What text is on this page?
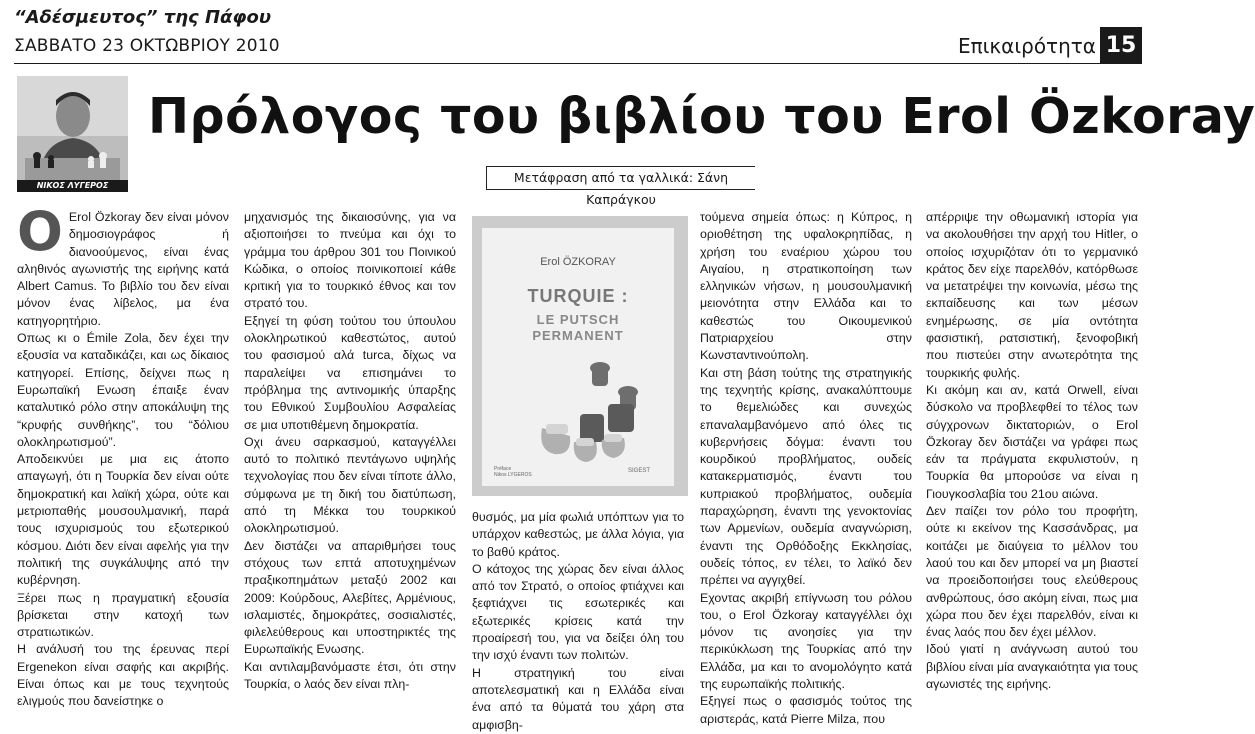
“Αδέσμευτος” της Πάφου
ΣΑΒΒΑΤΟ 23 ΟΚΤΩΒΡΙΟΥ 2010	Επικαιρότητα 15
ΝΙΚΟΣ ΛΥΓΕΡΟΣ
Πρόλογος του βιβλίου του Erol Özkoray
Μετάφραση από τα γαλλικά: Σάνη Καπράγκου
Ο Erol Özkoray δεν είναι μόνον δημοσιογράφος ή διανοούμενος, είναι ένας αληθινός αγωνιστής της ειρήνης κατά Albert Camus. Το βιβλίο του δεν είναι μόνον ένας λίβελος, μα ένα κατηγορητήριο.

Οπως κι ο Émile Zola, δεν έχει την εξουσία να καταδικάζει, και ως δίκαιος κατηγορεί. Επίσης, δείχνει πως η Ευρωπαϊκή Ενωση έπαιξε έναν καταλυτικό ρόλο στην αποκάλυψη της “κρυφής συνθήκης”, του “δόλιου ολοκληρωτισμού”.

Αποδεικνύει με μια εις άτοπο απαγωγή, ότι η Τουρκία δεν είναι ούτε δημοκρατική και λαϊκή χώρα, ούτε και μετριοπαθής μουσουλμανική, παρά τους ισχυρισμούς του εξωτερικού κόσμου. Διότι δεν είναι αφελής για την πολιτική της συγκάλυψης από την κυβέρνηση.

Ξέρει πως η πραγματική εξουσία βρίσκεται στην κατοχή των στρατιωτικών.

Η ανάλυσή του της έρευνας περί Ergenekon είναι σαφής και ακριβής. Είναι όπως και με τους τεχνητούς ελιγμούς που δανείστηκε ο

μηχανισμός της δικαιοσύνης, για να αξιοποιήσει το πνεύμα και όχι το γράμμα του άρθρου 301 του Ποινικού Κώδικα, ο οποίος ποινικοποιεί κάθε κριτική για το τουρκικό έθνος και τον στρατό του.

Εξηγεί τη φύση τούτου του ύπουλου ολοκληρωτικού καθεστώτος, αυτού του φασισμού αλά turca, δίχως να παραλείψει να επισημάνει το πρόβλημα της αντινομικής ύπαρξης του Εθνικού Συμβουλίου Ασφαλείας σε μια υποτιθέμενη δημοκρατία.

Οχι άνευ σαρκασμού, καταγγέλλει αυτό το πολιτικό πεντάγωνο υψηλής τεχνολογίας που δεν είναι τίποτε άλλο, σύμφωνα με τη δική του διατύπωση, από τη Μέκκα του τουρκικού ολοκληρωτισμού.

Δεν διστάζει να απαριθμήσει τους στόχους των επτά αποτυχημένων πραξικοπημάτων μεταξύ 2002 και 2009: Κούρδους, Αλεβίτες, Αρμένιους, ισλαμιστές, δημοκράτες, σοσιαλιστές, φιλελεύθερους και υποστηρικτές της Ευρωπαϊκής Ενωσης.

Και αντιλαμβανόμαστε έτσι, ότι στην Τουρκία, ο λαός δεν είναι πλη-

Erol ÖZKORAY
TURQUIE :
LE PUTSCH
PERMANENT
Préface
Nikos LYGEROS
SIGEST

θυσμός, μα μία φωλιά υπόπτων για το υπάρχον καθεστώς, με άλλα λόγια, για το βαθύ κράτος.

Ο κάτοχος της χώρας δεν είναι άλλος από τον Στρατό, ο οποίος φτιάχνει και ξεφτιάχνει τις εσωτερικές και εξωτερικές κρίσεις κατά την προαίρεσή του, για να δείξει όλη του την ισχύ έναντι των πολιτών.

Η στρατηγική του είναι αποτελεσματική και η Ελλάδα είναι ένα από τα θύματά του χάρη στα αμφισβη-

τούμενα σημεία όπως: η Κύπρος, η οριοθέτηση της υφαλοκρηπίδας, η χρήση του εναέριου χώρου του Αιγαίου, η στρατικοποίηση των ελληνικών νήσων, η μουσουλμανική μειονότητα στην Ελλάδα και το καθεστώς του Οικουμενικού Πατριαρχείου στην Κωνσταντινούπολη.

Και στη βάση τούτης της στρατηγικής της τεχνητής κρίσης, ανακαλύπτουμε το θεμελιώδες και συνεχώς επαναλαμβανόμενο από όλες τις κυβερνήσεις δόγμα: έναντι του κουρδικού προβλήματος, ουδείς κατακερματισμός, έναντι του κυπριακού προβλήματος, ουδεμία παραχώρηση, έναντι της γενοκτονίας των Αρμενίων, ουδεμία αναγνώριση, έναντι της Ορθόδοξης Εκκλησίας, ουδείς τόπος, εν τέλει, το λαϊκό δεν πρέπει να αγγιχθεί.

Εχοντας ακριβή επίγνωση του ρόλου του, ο Erol Özkoray καταγγέλλει όχι μόνον τις ανοησίες για την περικύκλωση της Τουρκίας από την Ελλάδα, μα και το ανομολόγητο κατά της ευρωπαϊκής πολιτικής.

Εξηγεί πως ο φασισμός τούτος της αριστεράς, κατά Pierre Milza, που

απέρριψε την οθωμανική ιστορία για να ακολουθήσει την αρχή του Hitler, ο οποίος ισχυριζόταν ότι το γερμανικό κράτος δεν είχε παρελθόν, κατόρθωσε να μετατρέψει την κοινωνία, μέσω της εκπαίδευσης και των μέσων ενημέρωσης, σε μία οντότητα φασιστική, ρατσιστική, ξενοφοβική που πιστεύει στην ανωτερότητα της τουρκικής φυλής.

Κι ακόμη και αν, κατά Orwell, είναι δύσκολο να προβλεφθεί το τέλος των σύγχρονων δικτατοριών, ο Erol Özkoray δεν διστάζει να γράφει πως εάν τα πράγματα εκφυλιστούν, η Τουρκία θα μπορούσε να είναι η Γιουγκοσλαβία του 21ου αιώνα.

Δεν παίζει τον ρόλο του προφήτη, ούτε κι εκείνον της Κασσάνδρας, μα κοιτάζει με διαύγεια το μέλλον του λαού του και δεν μπορεί να μη βιαστεί να προειδοποιήσει τους ελεύθερους ανθρώπους, όσο ακόμη είναι, πως μια χώρα που δεν έχει παρελθόν, είναι κι ένας λαός που δεν έχει μέλλον.

Ιδού γιατί η ανάγνωση αυτού του βιβλίου είναι μία αναγκαιότητα για τους αγωνιστές της ειρήνης.
